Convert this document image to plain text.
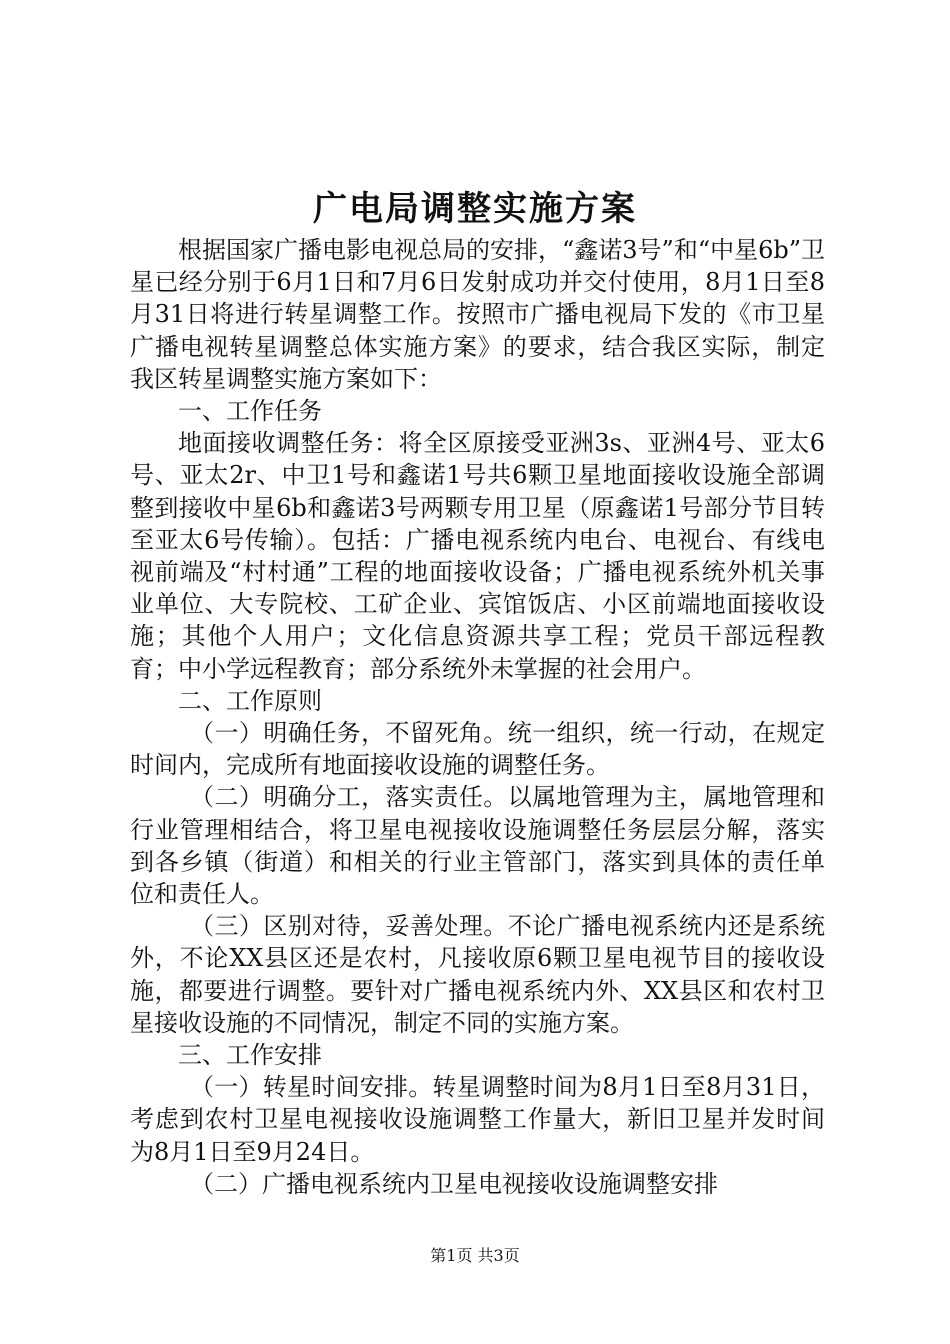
广电局调整实施方案

根据国家广播电影电视总局的安排，“鑫诺3号”和“中星6b”卫星已经分别于6月1日和7月6日发射成功并交付使用，8月1日至8月31日将进行转星调整工作。按照市广播电视局下发的《市卫星广播电视转星调整总体实施方案》的要求，结合我区实际，制定我区转星调整实施方案如下：

一、工作任务

地面接收调整任务：将全区原接受亚洲3s、亚洲4号、亚太6号、亚太2r、中卫1号和鑫诺1号共6颗卫星地面接收设施全部调整到接收中星6b和鑫诺3号两颗专用卫星（原鑫诺1号部分节目转至亚太6号传输）。包括：广播电视系统内电台、电视台、有线电视前端及“村村通”工程的地面接收设备；广播电视系统外机关事业单位、大专院校、工矿企业、宾馆饭店、小区前端地面接收设施；其他个人用户；文化信息资源共享工程；党员干部远程教育；中小学远程教育；部分系统外未掌握的社会用户。

二、工作原则

（一）明确任务，不留死角。统一组织，统一行动，在规定时间内，完成所有地面接收设施的调整任务。

（二）明确分工，落实责任。以属地管理为主，属地管理和行业管理相结合，将卫星电视接收设施调整任务层层分解，落实到各乡镇（街道）和相关的行业主管部门，落实到具体的责任单位和责任人。

（三）区别对待，妥善处理。不论广播电视系统内还是系统外，不论XX县区还是农村，凡接收原6颗卫星电视节目的接收设施，都要进行调整。要针对广播电视系统内外、XX县区和农村卫星接收设施的不同情况，制定不同的实施方案。

三、工作安排

（一）转星时间安排。转星调整时间为8月1日至8月31日，考虑到农村卫星电视接收设施调整工作量大，新旧卫星并发时间为8月1日至9月24日。

（二）广播电视系统内卫星电视接收设施调整安排

第1页 共3页
